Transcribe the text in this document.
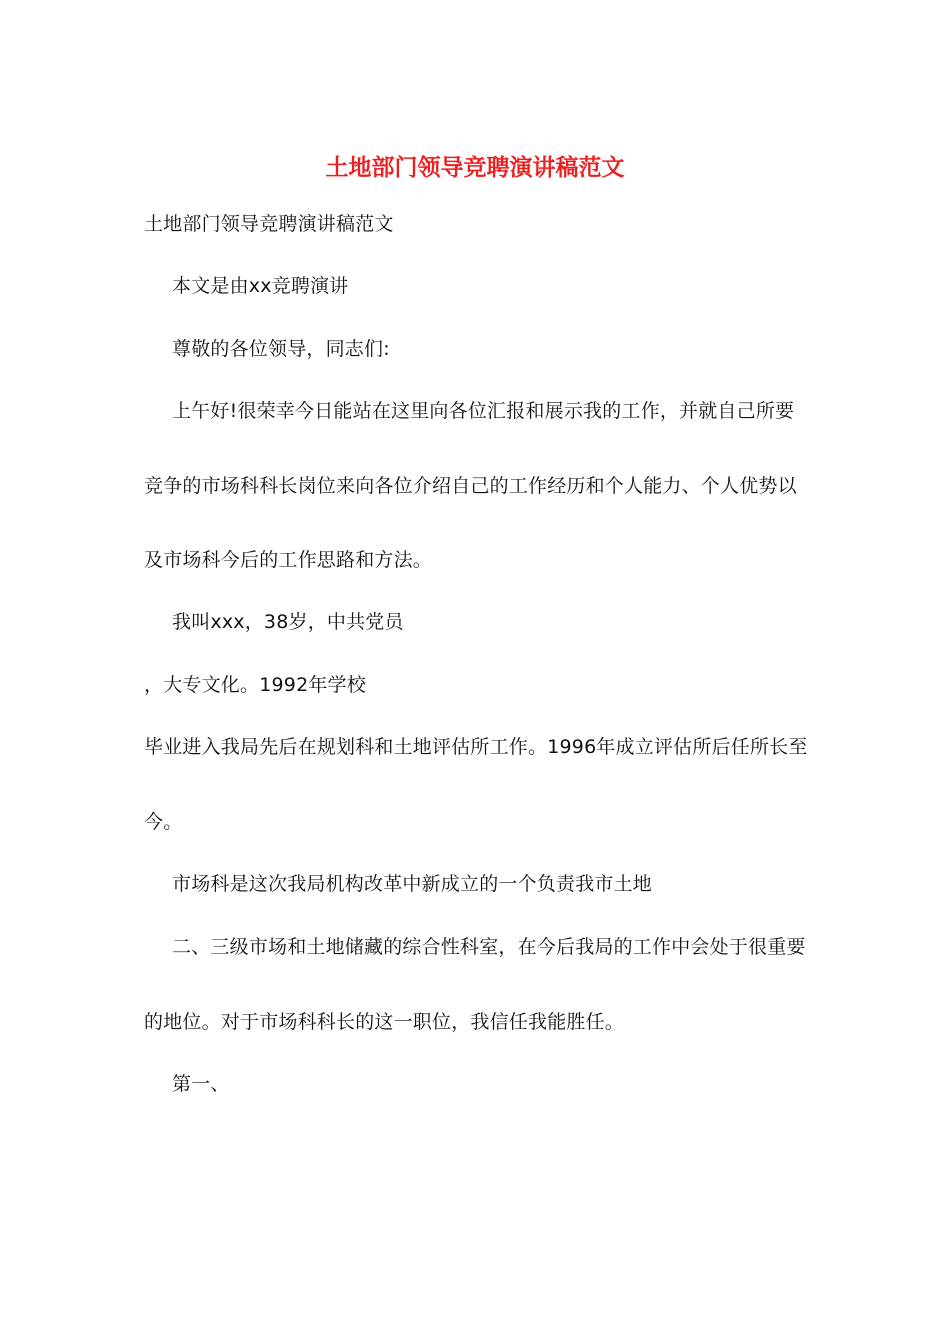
土地部门领导竞聘演讲稿范文
土地部门领导竞聘演讲稿范文
本文是由xx竞聘演讲
尊敬的各位领导，同志们:
上午好!很荣幸今日能站在这里向各位汇报和展示我的工作，并就自己所要
竞争的市场科科长岗位来向各位介绍自己的工作经历和个人能力、个人优势以
及市场科今后的工作思路和方法。
我叫xxx，38岁，中共党员
，大专文化。1992年学校
毕业进入我局先后在规划科和土地评估所工作。1996年成立评估所后任所长至
今。
市场科是这次我局机构改革中新成立的一个负责我市土地
二、三级市场和土地储藏的综合性科室，在今后我局的工作中会处于很重要
的地位。对于市场科科长的这一职位，我信任我能胜任。
第一、
